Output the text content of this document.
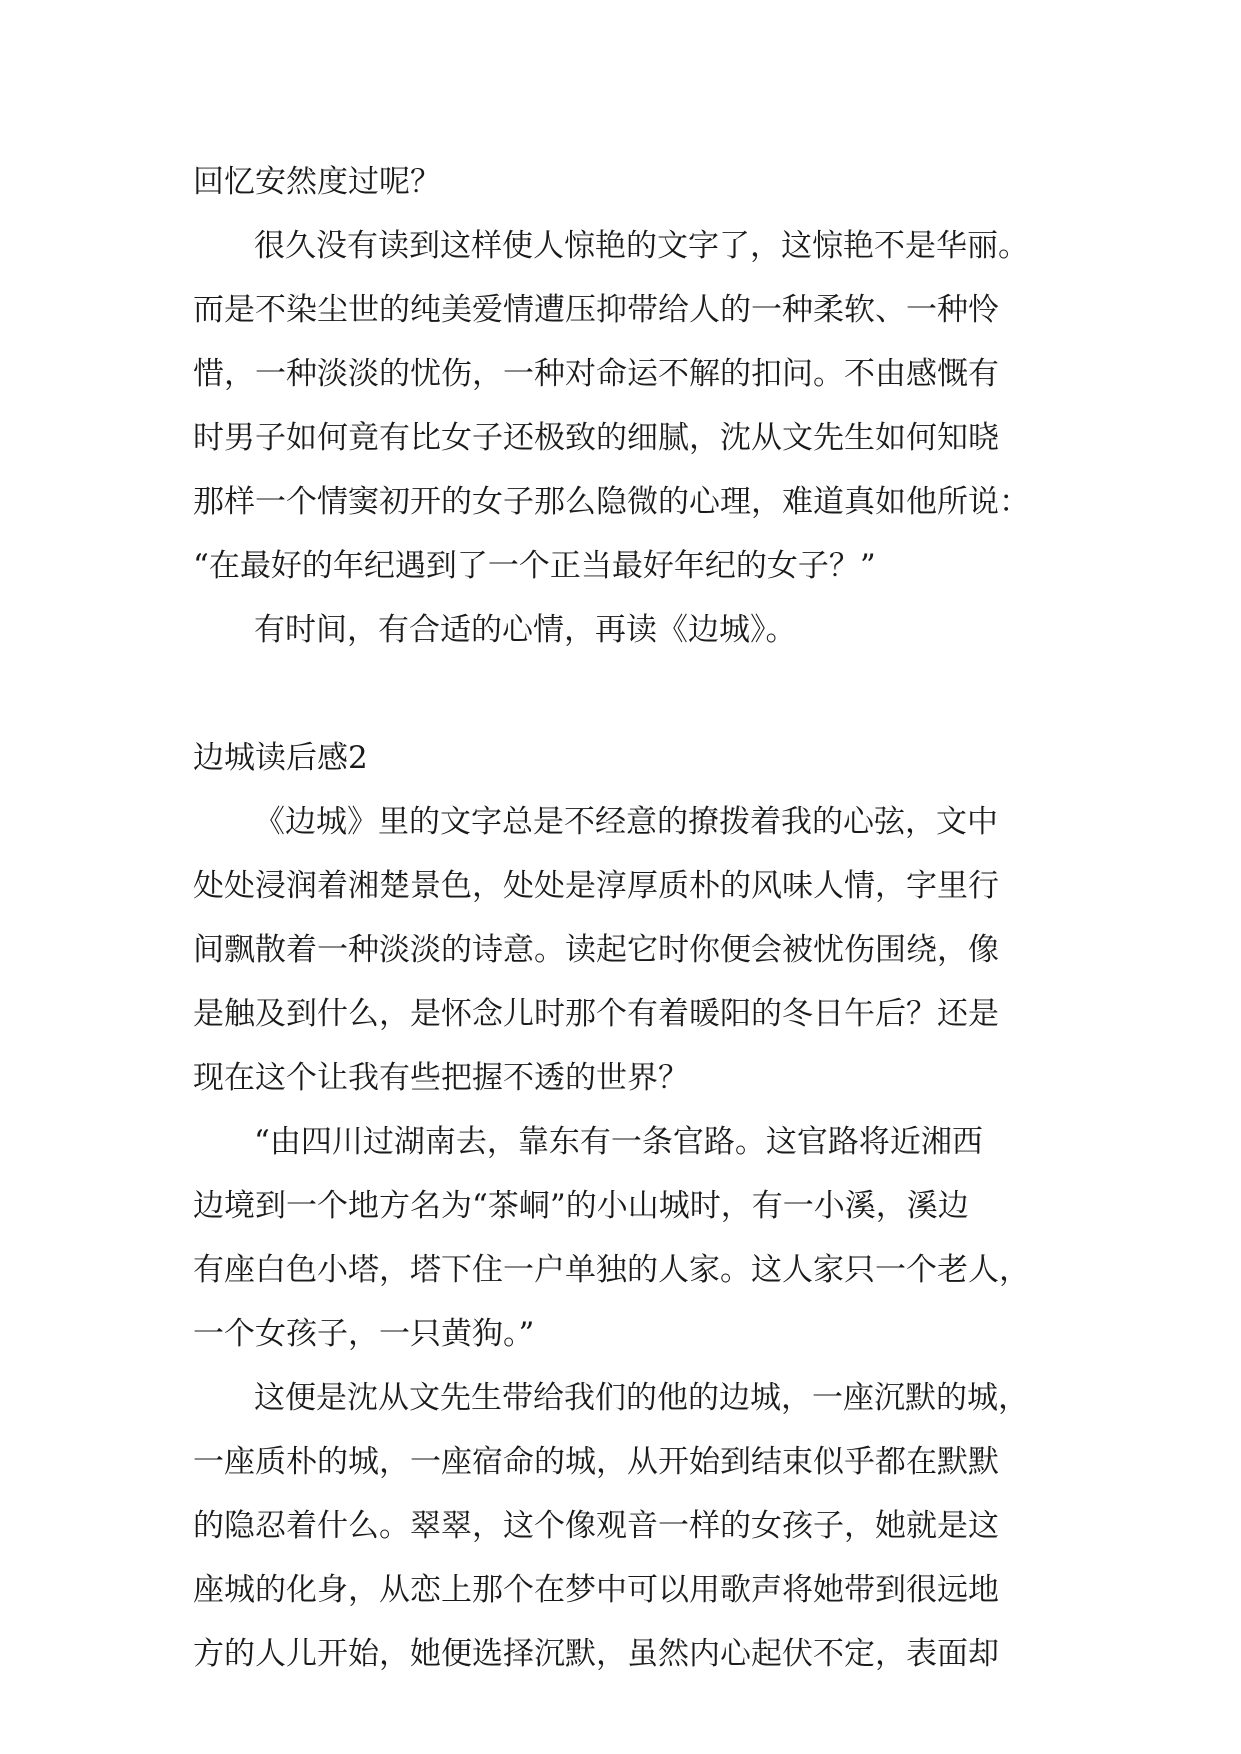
回忆安然度过呢？

很久没有读到这样使人惊艳的文字了，这惊艳不是华丽。

而是不染尘世的纯美爱情遭压抑带给人的一种柔软、一种怜

惜，一种淡淡的忧伤，一种对命运不解的扣问。不由感慨有

时男子如何竟有比女子还极致的细腻，沈从文先生如何知晓

那样一个情窦初开的女子那么隐微的心理，难道真如他所说：

“在最好的年纪遇到了一个正当最好年纪的女子？”

有时间，有合适的心情，再读《边城》。

边城读后感2

《边城》里的文字总是不经意的撩拨着我的心弦，文中

处处浸润着湘楚景色，处处是淳厚质朴的风味人情，字里行

间飘散着一种淡淡的诗意。读起它时你便会被忧伤围绕，像

是触及到什么，是怀念儿时那个有着暖阳的冬日午后？还是

现在这个让我有些把握不透的世界？

“由四川过湖南去，靠东有一条官路。这官路将近湘西

边境到一个地方名为“茶峒”的小山城时，有一小溪，溪边

有座白色小塔，塔下住一户单独的人家。这人家只一个老人，

一个女孩子，一只黄狗。”

这便是沈从文先生带给我们的他的边城，一座沉默的城，

一座质朴的城，一座宿命的城，从开始到结束似乎都在默默

的隐忍着什么。翠翠，这个像观音一样的女孩子，她就是这

座城的化身，从恋上那个在梦中可以用歌声将她带到很远地

方的人儿开始，她便选择沉默，虽然内心起伏不定，表面却
